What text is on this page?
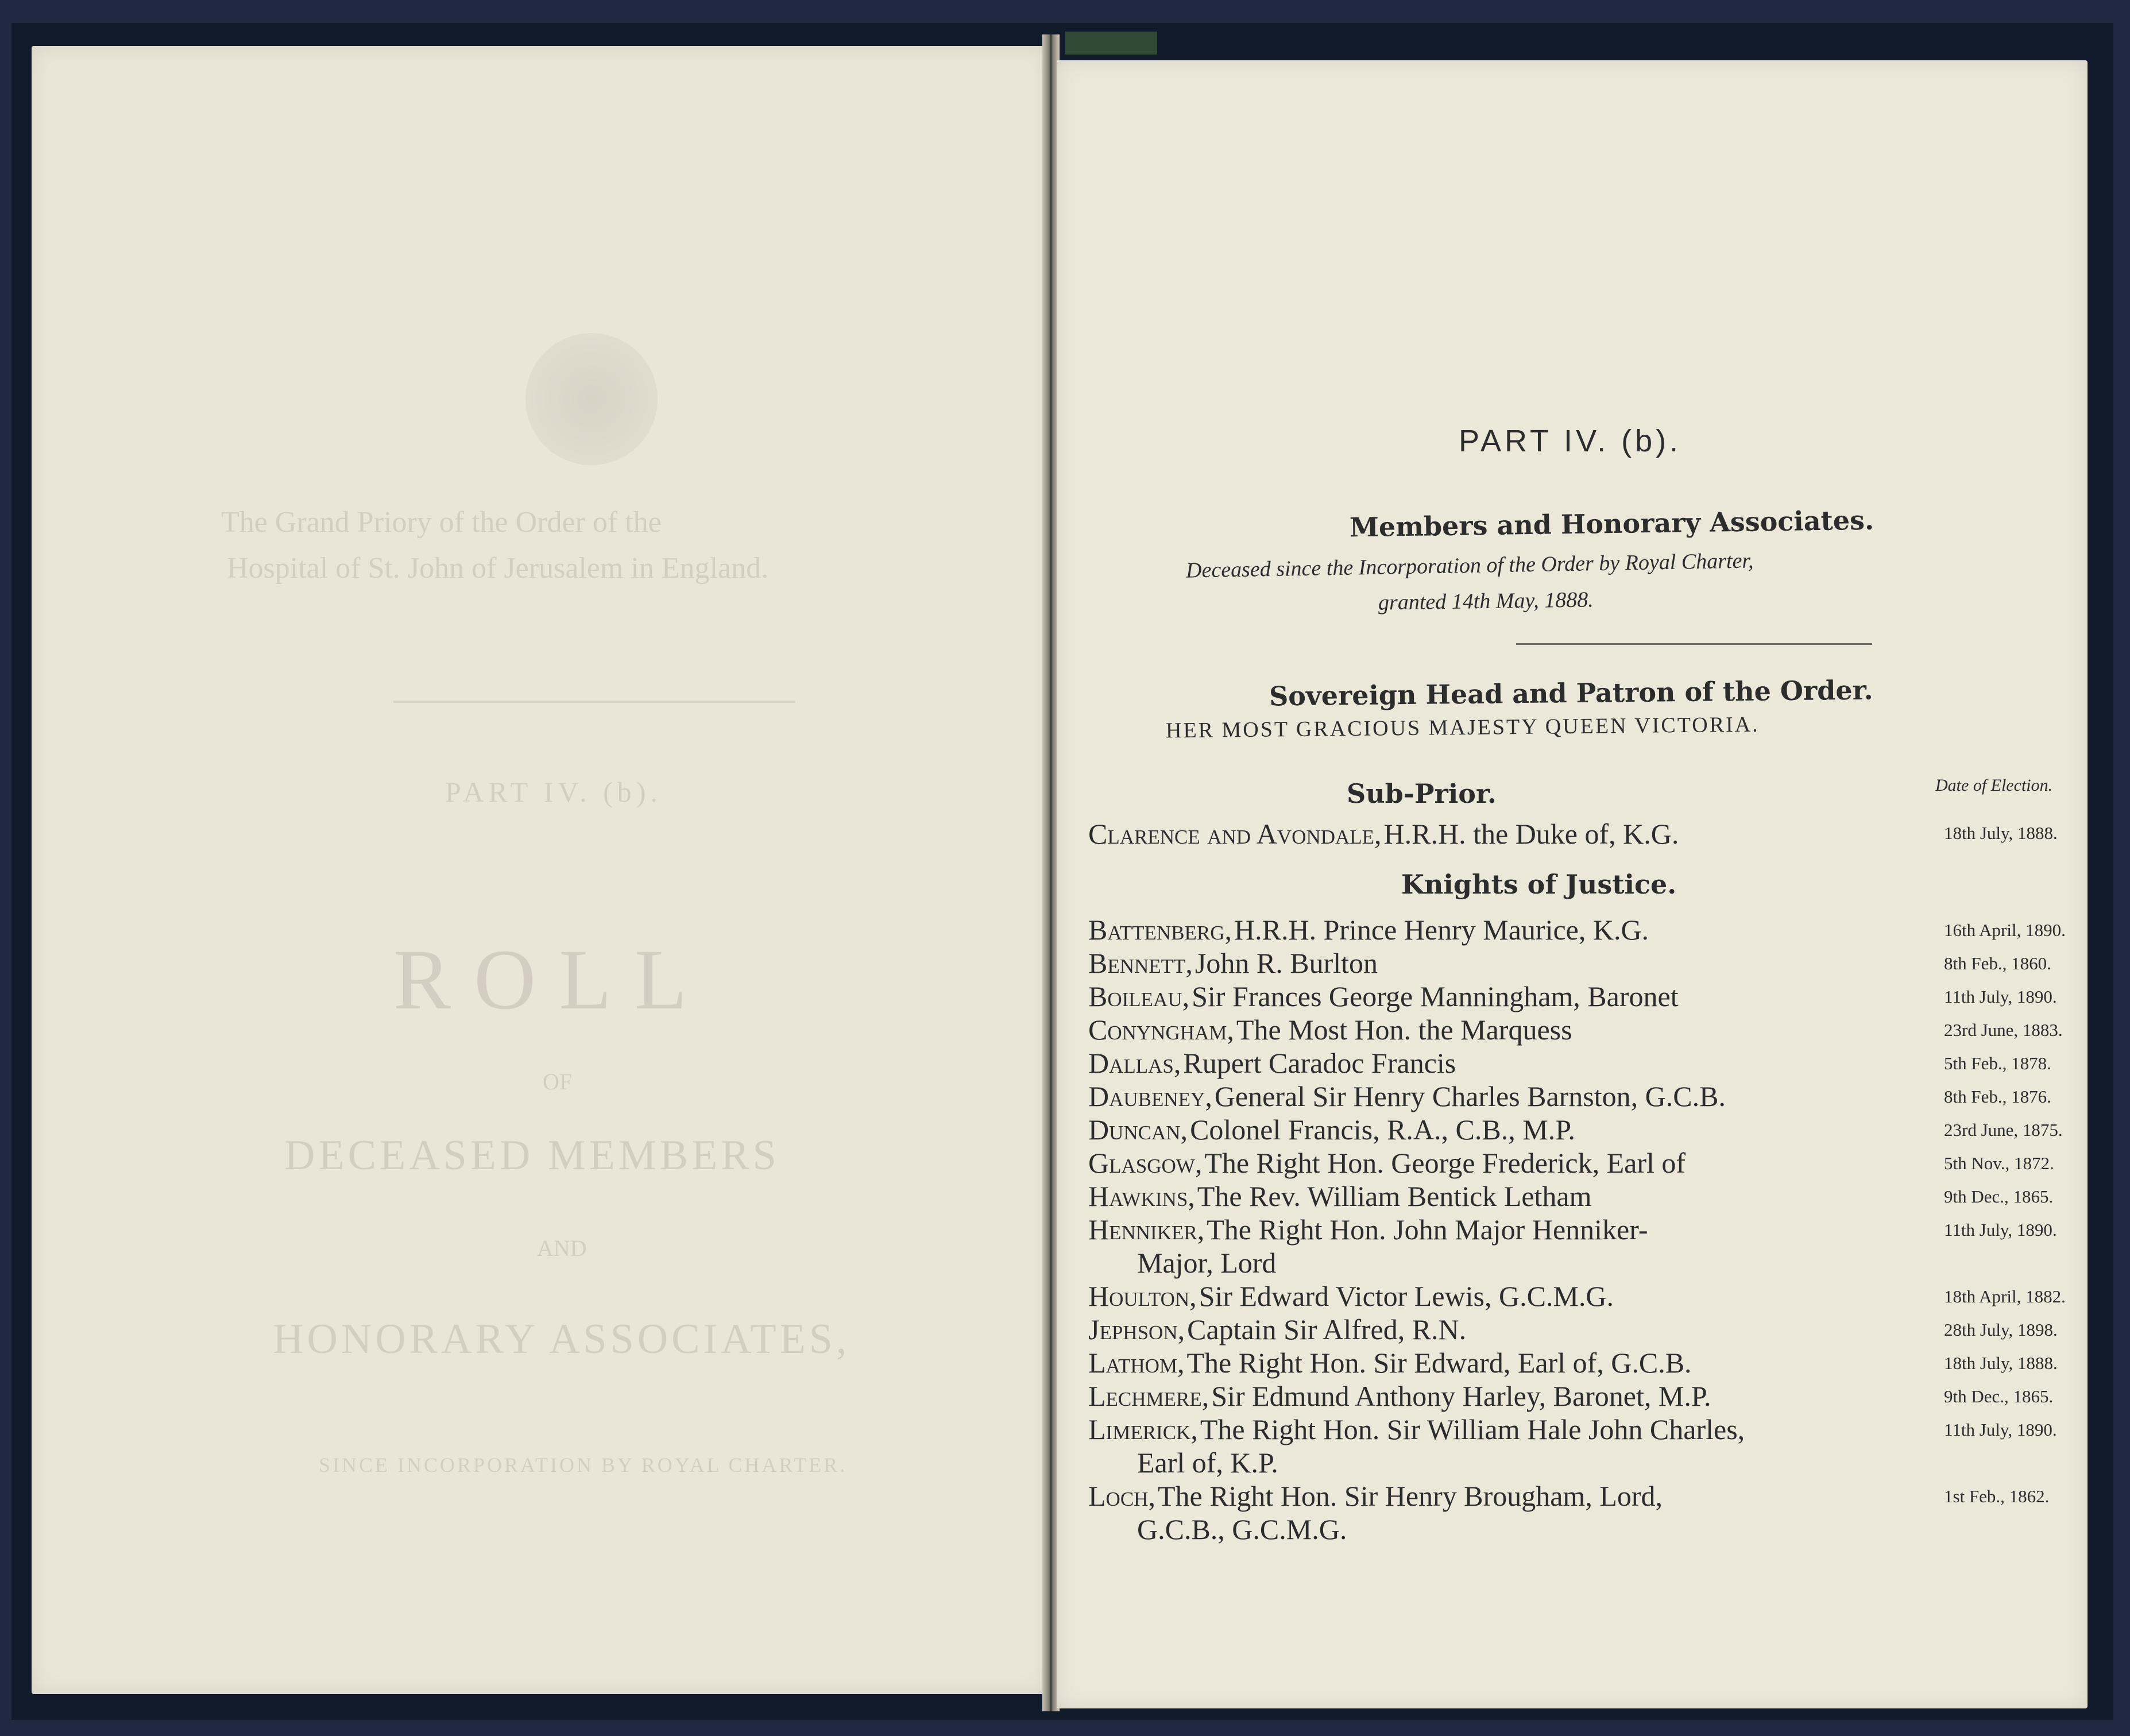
The Grand Priory of the Order of the
Hospital of St. John of Jerusalem in England.
PART IV. (b).
ROLL
OF
DECEASED MEMBERS
AND
HONORARY ASSOCIATES,
SINCE INCORPORATION BY ROYAL CHARTER.
PART IV. (b).
Members and Honorary Associates.
Deceased since the Incorporation of the Order by Royal Charter,
granted 14th May, 1888.
Sovereign Head and Patron of the Order.
HER MOST GRACIOUS MAJESTY QUEEN VICTORIA.
Sub-Prior.	Date of Election.
Clarence and Avondale, H.R.H. the Duke of, K.G.	18th July, 1888.
Knights of Justice.
Battenberg, H.R.H. Prince Henry Maurice, K.G.	16th April, 1890.
Bennett, John R. Burlton	8th Feb., 1860.
Boileau, Sir Frances George Manningham, Baronet	11th July, 1890.
Conyngham, The Most Hon. the Marquess	23rd June, 1883.
Dallas, Rupert Caradoc Francis	5th Feb., 1878.
Daubeney, General Sir Henry Charles Barnston, G.C.B.	8th Feb., 1876.
Duncan, Colonel Francis, R.A., C.B., M.P.	23rd June, 1875.
Glasgow, The Right Hon. George Frederick, Earl of	5th Nov., 1872.
Hawkins, The Rev. William Bentick Letham	9th Dec., 1865.
Henniker, The Right Hon. John Major Henniker-	11th July, 1890.
Major, Lord
Houlton, Sir Edward Victor Lewis, G.C.M.G.	18th April, 1882.
Jephson, Captain Sir Alfred, R.N.	28th July, 1898.
Lathom, The Right Hon. Sir Edward, Earl of, G.C.B.	18th July, 1888.
Lechmere, Sir Edmund Anthony Harley, Baronet, M.P.	9th Dec., 1865.
Limerick, The Right Hon. Sir William Hale John Charles,	11th July, 1890.
Earl of, K.P.
Loch, The Right Hon. Sir Henry Brougham, Lord,	1st Feb., 1862.
G.C.B., G.C.M.G.
